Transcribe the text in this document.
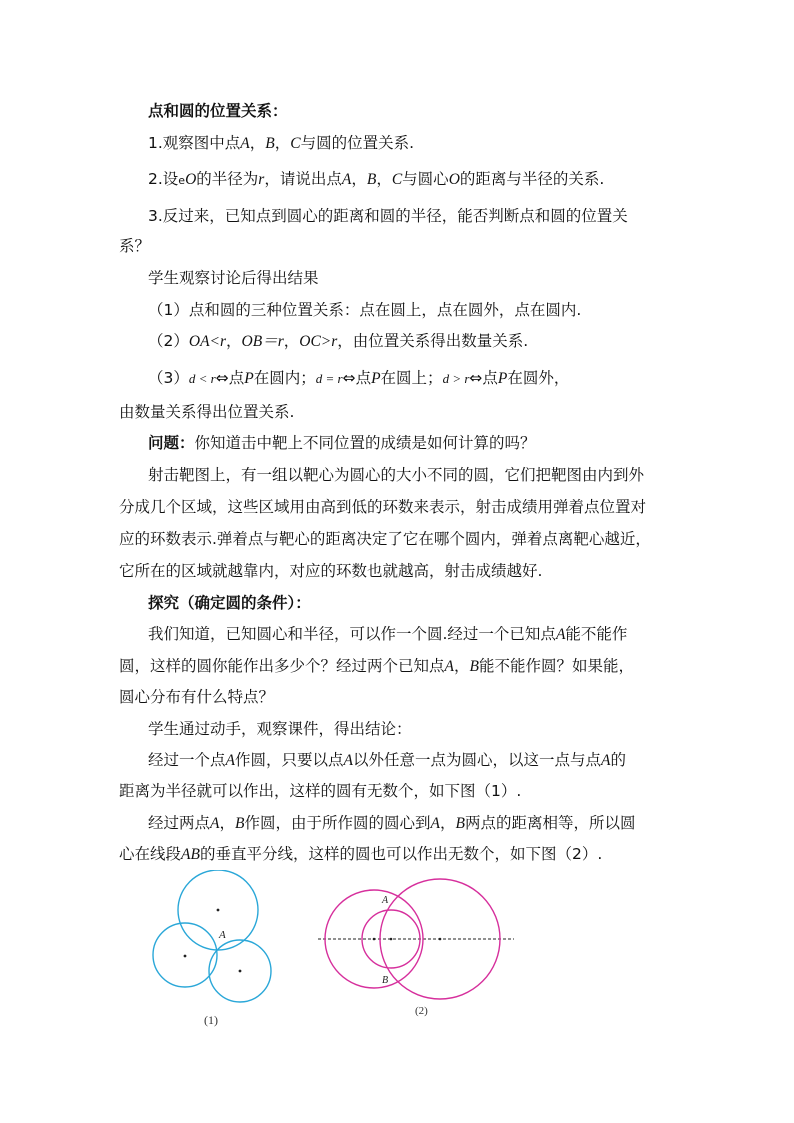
点和圆的位置关系：
1.观察图中点A，B，C与圆的位置关系.
2.设eO的半径为r，请说出点A，B，C与圆心O的距离与半径的关系.
3.反过来，已知点到圆心的距离和圆的半径，能否判断点和圆的位置关
系？
学生观察讨论后得出结果
（1）点和圆的三种位置关系：点在圆上，点在圆外，点在圆内.
（2）OA<r，OB＝r，OC>r，由位置关系得出数量关系.
（3）d < r⇔点P在圆内；d = r⇔点P在圆上；d > r⇔点P在圆外，
由数量关系得出位置关系.
问题：你知道击中靶上不同位置的成绩是如何计算的吗？
射击靶图上，有一组以靶心为圆心的大小不同的圆，它们把靶图由内到外
分成几个区域，这些区域用由高到低的环数来表示，射击成绩用弹着点位置对
应的环数表示.弹着点与靶心的距离决定了它在哪个圆内，弹着点离靶心越近，
它所在的区域就越靠内，对应的环数也就越高，射击成绩越好.
探究（确定圆的条件）：
我们知道，已知圆心和半径，可以作一个圆.经过一个已知点A能不能作
圆，这样的圆你能作出多少个？经过两个已知点A，B能不能作圆？如果能，
圆心分布有什么特点？
学生通过动手，观察课件，得出结论：
经过一个点A作圆，只要以点A以外任意一点为圆心，以这一点与点A的
距离为半径就可以作出，这样的圆有无数个，如下图（1）.
经过两点A，B作圆，由于所作圆的圆心到A，B两点的距离相等，所以圆
心在线段AB的垂直平分线，这样的圆也可以作出无数个，如下图（2）.
A
(1)
A
B
(2)
